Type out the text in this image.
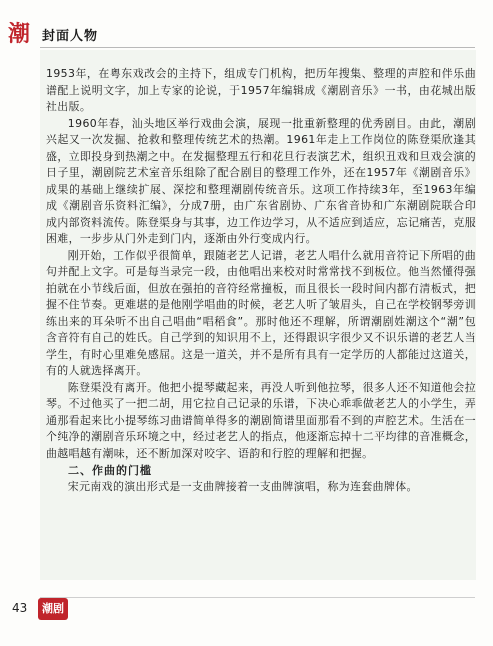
潮 封面人物

1953年，在粤东戏改会的主持下，组成专门机构，把历年搜集、整理的声腔和伴乐曲谱配上说明文字，加上专家的论说，于1957年编辑成《潮剧音乐》一书，由花城出版社出版。

1960年春，汕头地区举行戏曲会演，展现一批重新整理的优秀剧目。由此，潮剧兴起又一次发掘、抢救和整理传统艺术的热潮。1961年走上工作岗位的陈登渠欣逢其盛，立即投身到热潮之中。在发掘整理五行和花旦行表演艺术，组织丑戏和旦戏会演的日子里，潮剧院艺术室音乐组除了配合剧目的整理工作外，还在1957年《潮剧音乐》成果的基础上继续扩展、深挖和整理潮剧传统音乐。这项工作持续3年，至1963年编成《潮剧音乐资料汇编》，分成7册，由广东省剧协、广东省音协和广东潮剧院联合印成内部资料流传。陈登渠身与其事，边工作边学习，从不适应到适应，忘记痛苦，克服困难，一步步从门外走到门内，逐渐由外行变成内行。

刚开始，工作似乎很简单，跟随老艺人记谱，老艺人唱什么就用音符记下所唱的曲句并配上文字。可是每当录完一段，由他唱出来校对时常常找不到板位。他当然懂得强拍就在小节线后面，但放在强拍的音符经常撞板，而且很长一段时间内都冇清板式，把握不住节奏。更难堪的是他刚学唱曲的时候，老艺人听了皱眉头，自己在学校钢琴旁训练出来的耳朵听不出自己唱曲“唱稻食”。那时他还不理解，所谓潮剧姓潮这个“潮”包含音符有自己的姓氏。自己学到的知识用不上，还得跟识字很少又不识乐谱的老艺人当学生，有时心里难免感屈。这是一道关，并不是所有具有一定学历的人都能过这道关，有的人就选择离开。

陈登渠没有离开。他把小提琴藏起来，再没人听到他拉琴，很多人还不知道他会拉琴。不过他买了一把二胡，用它拉自己记录的乐谱，下决心乖乖做老艺人的小学生，弄通那看起来比小提琴练习曲谱简单得多的潮剧简谱里面那看不到的声腔艺术。生活在一个纯净的潮剧音乐环境之中，经过老艺人的指点，他逐渐忘掉十二平均律的音准概念，曲越唱越有潮味，还不断加深对咬字、语韵和行腔的理解和把握。

二、作曲的门槛

宋元南戏的演出形式是一支曲牌接着一支曲牌演唱，称为连套曲牌体。

43	潮剧
